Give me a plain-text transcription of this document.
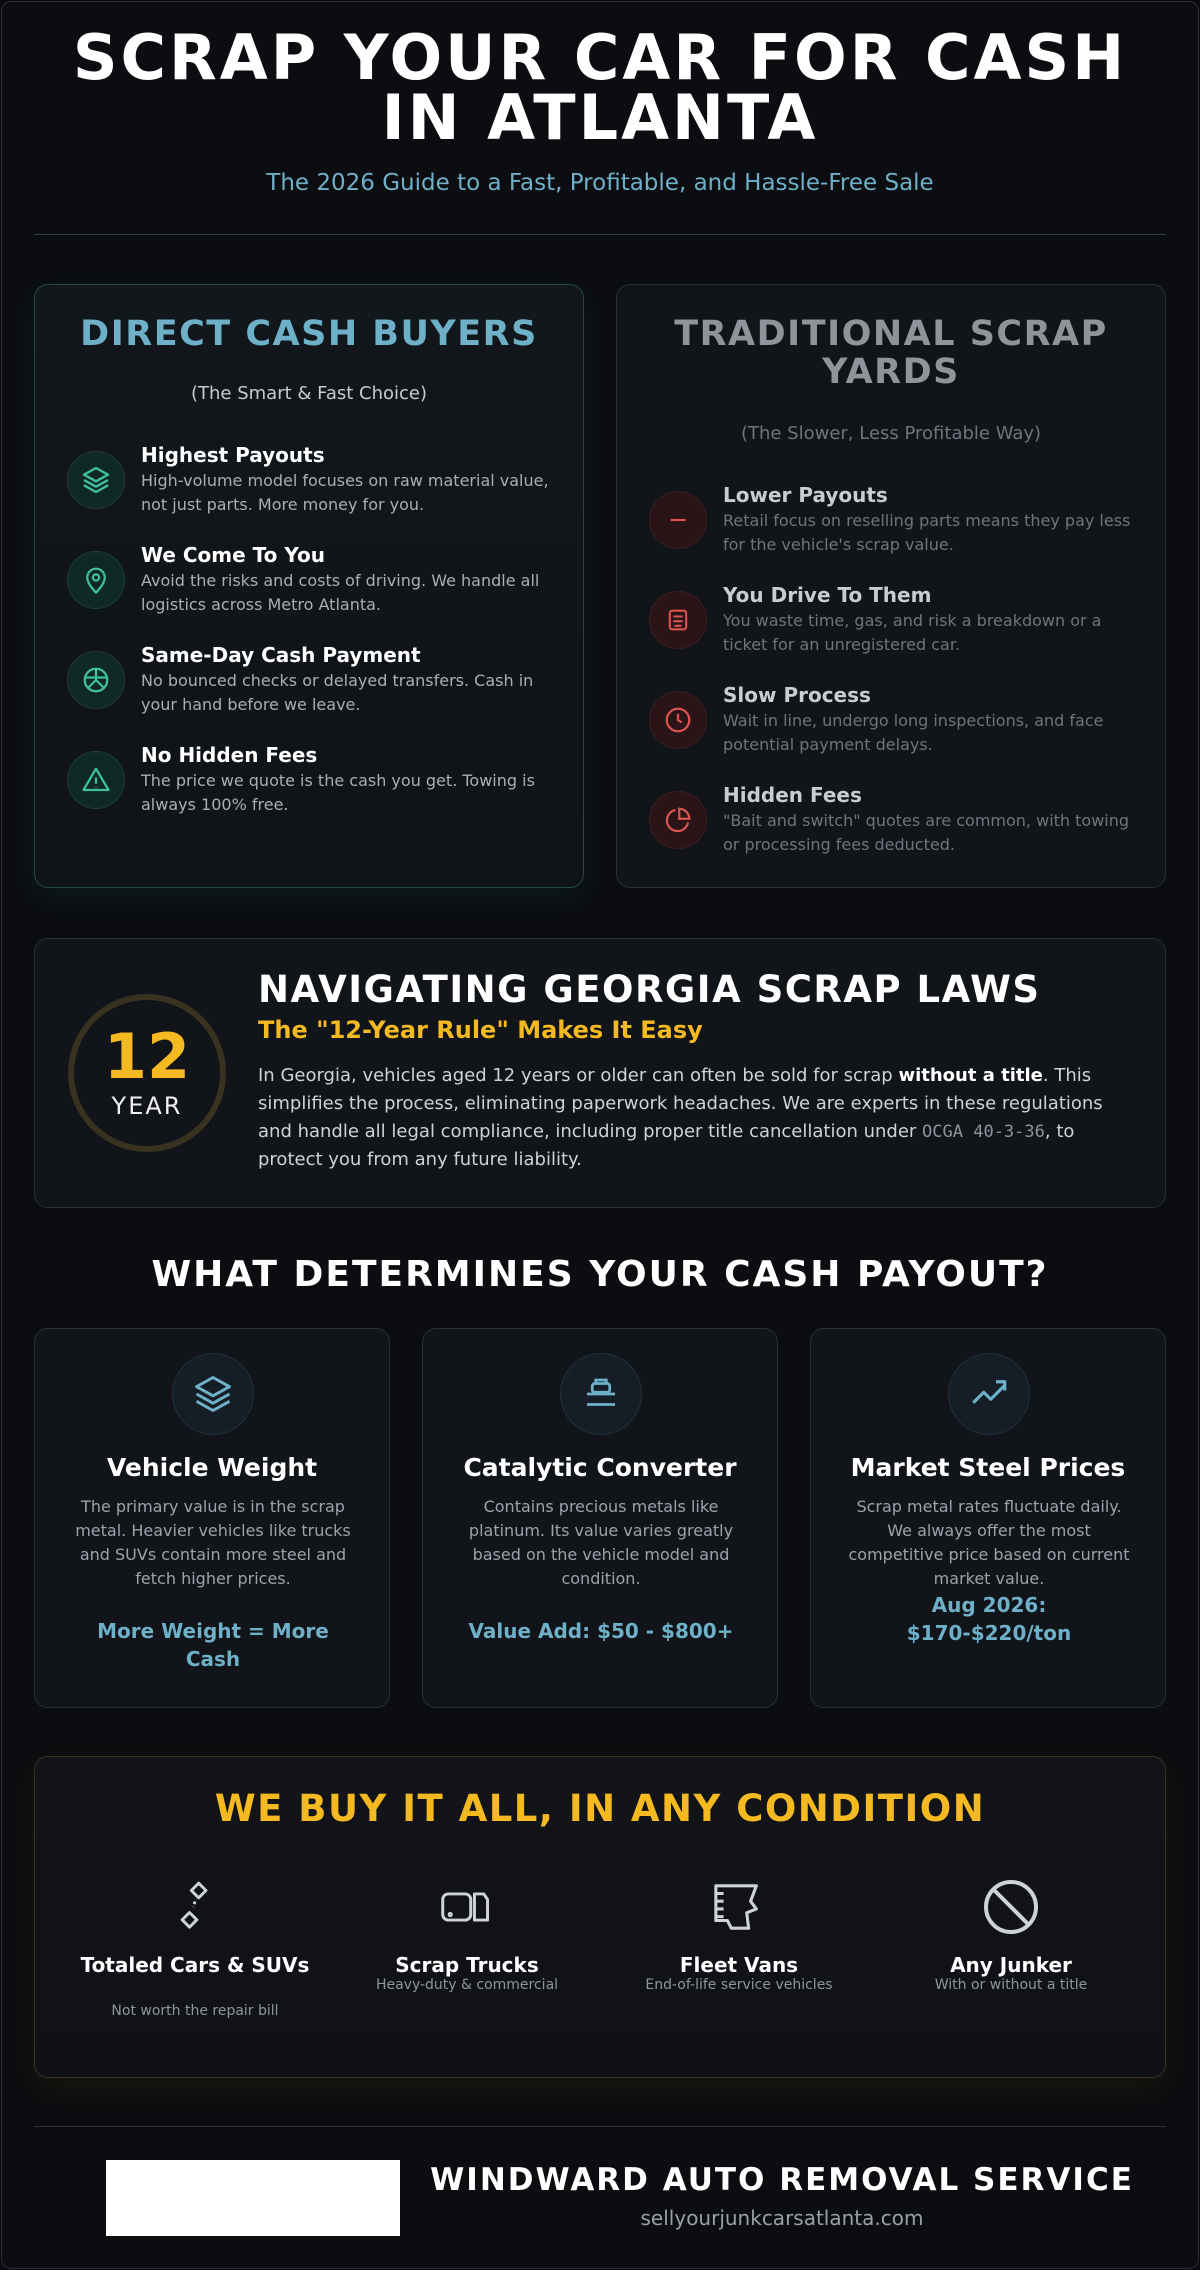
SCRAP YOUR CAR FOR CASH IN ATLANTA
The 2026 Guide to a Fast, Profitable, and Hassle-Free Sale
DIRECT CASH BUYERS
(The Smart & Fast Choice)
Highest Payouts
High-volume model focuses on raw material value, not just parts. More money for you.
We Come To You
Avoid the risks and costs of driving. We handle all logistics across Metro Atlanta.
Same-Day Cash Payment
No bounced checks or delayed transfers. Cash in your hand before we leave.
No Hidden Fees
The price we quote is the cash you get. Towing is always 100% free.
TRADITIONAL SCRAP YARDS
(The Slower, Less Profitable Way)
Lower Payouts
Retail focus on reselling parts means they pay less for the vehicle's scrap value.
You Drive To Them
You waste time, gas, and risk a breakdown or a ticket for an unregistered car.
Slow Process
Wait in line, undergo long inspections, and face potential payment delays.
Hidden Fees
"Bait and switch" quotes are common, with towing or processing fees deducted.
12
YEAR
NAVIGATING GEORGIA SCRAP LAWS
The "12-Year Rule" Makes It Easy

In Georgia, vehicles aged 12 years or older can often be sold for scrap without a title. This simplifies the process, eliminating paperwork headaches. We are experts in these regulations and handle all legal compliance, including proper title cancellation under OCGA 40-3-36, to protect you from any future liability.

WHAT DETERMINES YOUR CASH PAYOUT?
Vehicle Weight
The primary value is in the scrap metal. Heavier vehicles like trucks and SUVs contain more steel and fetch higher prices.
More Weight = More Cash
Catalytic Converter
Contains precious metals like platinum. Its value varies greatly based on the vehicle model and condition.
Value Add: $50 - $800+
Market Steel Prices
Scrap metal rates fluctuate daily. We always offer the most competitive price based on current market value.
Aug 2026: $170-$220/ton
WE BUY IT ALL, IN ANY CONDITION
Totaled Cars & SUVs
Not worth the repair bill
Scrap Trucks
Heavy-duty & commercial
Fleet Vans
End-of-life service vehicles
Any Junker
With or without a title
WINDWARD AUTO REMOVAL SERVICE
sellyourjunkcarsatlanta.com
